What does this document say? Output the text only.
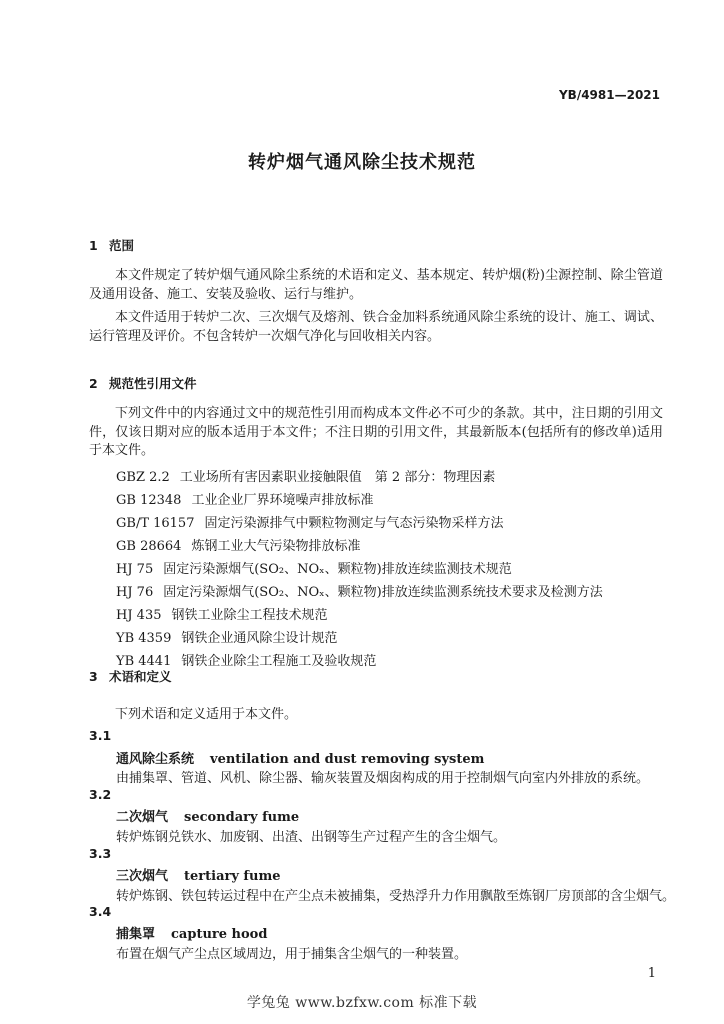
YB/4981—2021
转炉烟气通风除尘技术规范
1 范围
本文件规定了转炉烟气通风除尘系统的术语和定义、基本规定、转炉烟(粉)尘源控制、除尘管道及通用设备、施工、安装及验收、运行与维护。
本文件适用于转炉二次、三次烟气及熔剂、铁合金加料系统通风除尘系统的设计、施工、调试、运行管理及评价。不包含转炉一次烟气净化与回收相关内容。
2 规范性引用文件
下列文件中的内容通过文中的规范性引用而构成本文件必不可少的条款。其中，注日期的引用文件，仅该日期对应的版本适用于本文件；不注日期的引用文件，其最新版本(包括所有的修改单)适用于本文件。
GBZ 2.2 工业场所有害因素职业接触限值　第 2 部分：物理因素
GB 12348 工业企业厂界环境噪声排放标准
GB/T 16157 固定污染源排气中颗粒物测定与气态污染物采样方法
GB 28664 炼钢工业大气污染物排放标准
HJ 75 固定污染源烟气(SO₂、NOₓ、颗粒物)排放连续监测技术规范
HJ 76 固定污染源烟气(SO₂、NOₓ、颗粒物)排放连续监测系统技术要求及检测方法
HJ 435 钢铁工业除尘工程技术规范
YB 4359 钢铁企业通风除尘设计规范
YB 4441 钢铁企业除尘工程施工及验收规范
3 术语和定义
下列术语和定义适用于本文件。
3.1
通风除尘系统 ventilation and dust removing system
由捕集罩、管道、风机、除尘器、输灰装置及烟囱构成的用于控制烟气向室内外排放的系统。
3.2
二次烟气 secondary fume
转炉炼钢兑铁水、加废钢、出渣、出钢等生产过程产生的含尘烟气。
3.3
三次烟气 tertiary fume
转炉炼钢、铁包转运过程中在产尘点未被捕集，受热浮升力作用飘散至炼钢厂房顶部的含尘烟气。
3.4
捕集罩 capture hood
布置在烟气产尘点区域周边，用于捕集含尘烟气的一种装置。
1
学兔兔 www.bzfxw.com 标准下载
